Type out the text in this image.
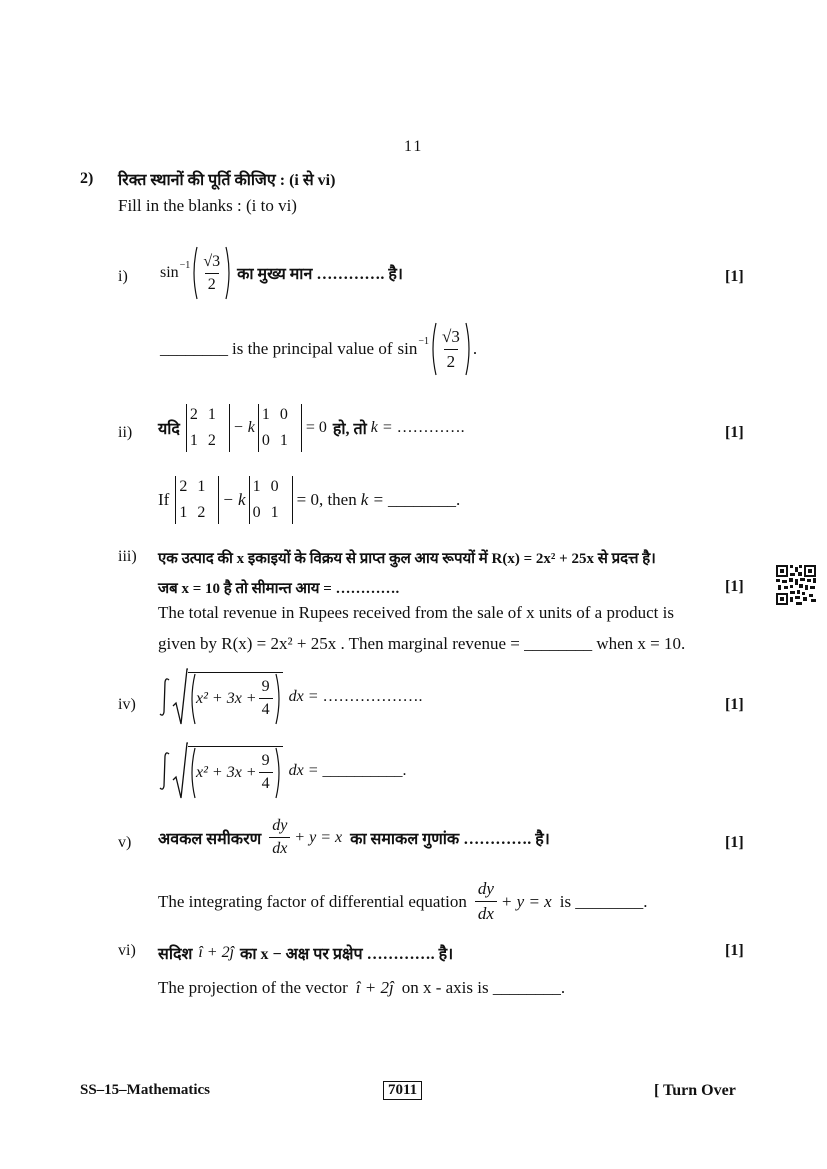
11
2) रिक्त स्थानों की पूर्ति कीजिए : (i से vi)
Fill in the blanks : (i to vi)
i) $\sin -1 \frac{√3}{2}$ का मुख्य मान …………. है।	[1]
________ is the principal value of $\sin -1 \frac{√3}{2}$ .
ii) यदि
2 1
1 2
− k
1 0
0 1
= 0 हो, तो k = ………….	[1]
If
2 1
1 2
− k
1 0
0 1
= 0 , then k = ________.
iii) एक उत्पाद की x इकाइयों के विक्रय से प्राप्त कुल आय रूपयों में R(x) = 2x² + 25x से प्रदत्त है।
जब x = 10 है तो सीमान्त आय = ………….	[1]
The total revenue in Rupees received from the sale of x units of a product is
given by R(x) = 2x² + 25x . Then marginal revenue = ________ when x = 10.
iv)	$x^2 + 3x + \frac{9}{4}$ dx = ……………….	[1]
$x^2 + 3x + \frac{9}{4}$ dx = __________.
v) अवकल समीकरण $\frac{dy}{dx} + y = x$ का समाकल गुणांक …………. है।	[1]
The integrating factor of differential equation $\frac{dy}{dx} + y = x$ is ________.
vi) सदिश î + 2ĵ का x − अक्ष पर प्रक्षेप …………. है।	[1]
The projection of the vector î + 2ĵ on x - axis is ________.
SS–15–Mathematics	7011	[ Turn Over
